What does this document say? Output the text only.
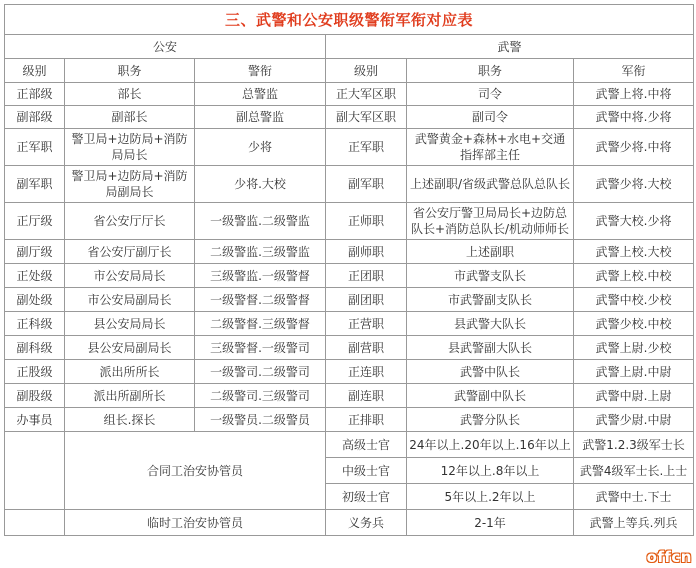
三、武警和公安职级警衔军衔对应表					
公安			武警		
级别	职务	警衔	级别	职务	军衔
正部级	部长	总警监	正大军区职	司令	武警上将.中将
副部级	副部长	副总警监	副大军区职	副司令	武警中将.少将
正军职	警卫局+边防局+消防局局长	少将	正军职	武警黄金+森林+水电+交通指挥部主任	武警少将.中将
副军职	警卫局+边防局+消防局副局长	少将.大校	副军职	上述副职/省级武警总队总队长	武警少将.大校
正厅级	省公安厅厅长	一级警监.二级警监	正师职	省公安厅警卫局局长+边防总队长+消防总队长/机动师师长	武警大校.少将
副厅级	省公安厅副厅长	二级警监.三级警监	副师职	上述副职	武警上校.大校
正处级	市公安局局长	三级警监.一级警督	正团职	市武警支队长	武警上校.中校
副处级	市公安局副局长	一级警督.二级警督	副团职	市武警副支队长	武警中校.少校
正科级	县公安局局长	二级警督.三级警督	正营职	县武警大队长	武警少校.中校
副科级	县公安局副局长	三级警督.一级警司	副营职	县武警副大队长	武警上尉.少校
正股级	派出所所长	一级警司.二级警司	正连职	武警中队长	武警上尉.中尉
副股级	派出所副所长	二级警司.三级警司	副连职	武警副中队长	武警中尉.上尉
办事员	组长.探长	一级警员.二级警员	正排职	武警分队长	武警少尉.中尉
	合同工治安协管员		高级士官	24年以上.20年以上.16年以上	武警1.2.3级军士长
			中级士官	12年以上.8年以上	武警4级军士长.上士
			初级士官	5年以上.2年以上	武警中士.下士
	临时工治安协管员		义务兵	2-1年	武警上等兵.列兵
offcn
